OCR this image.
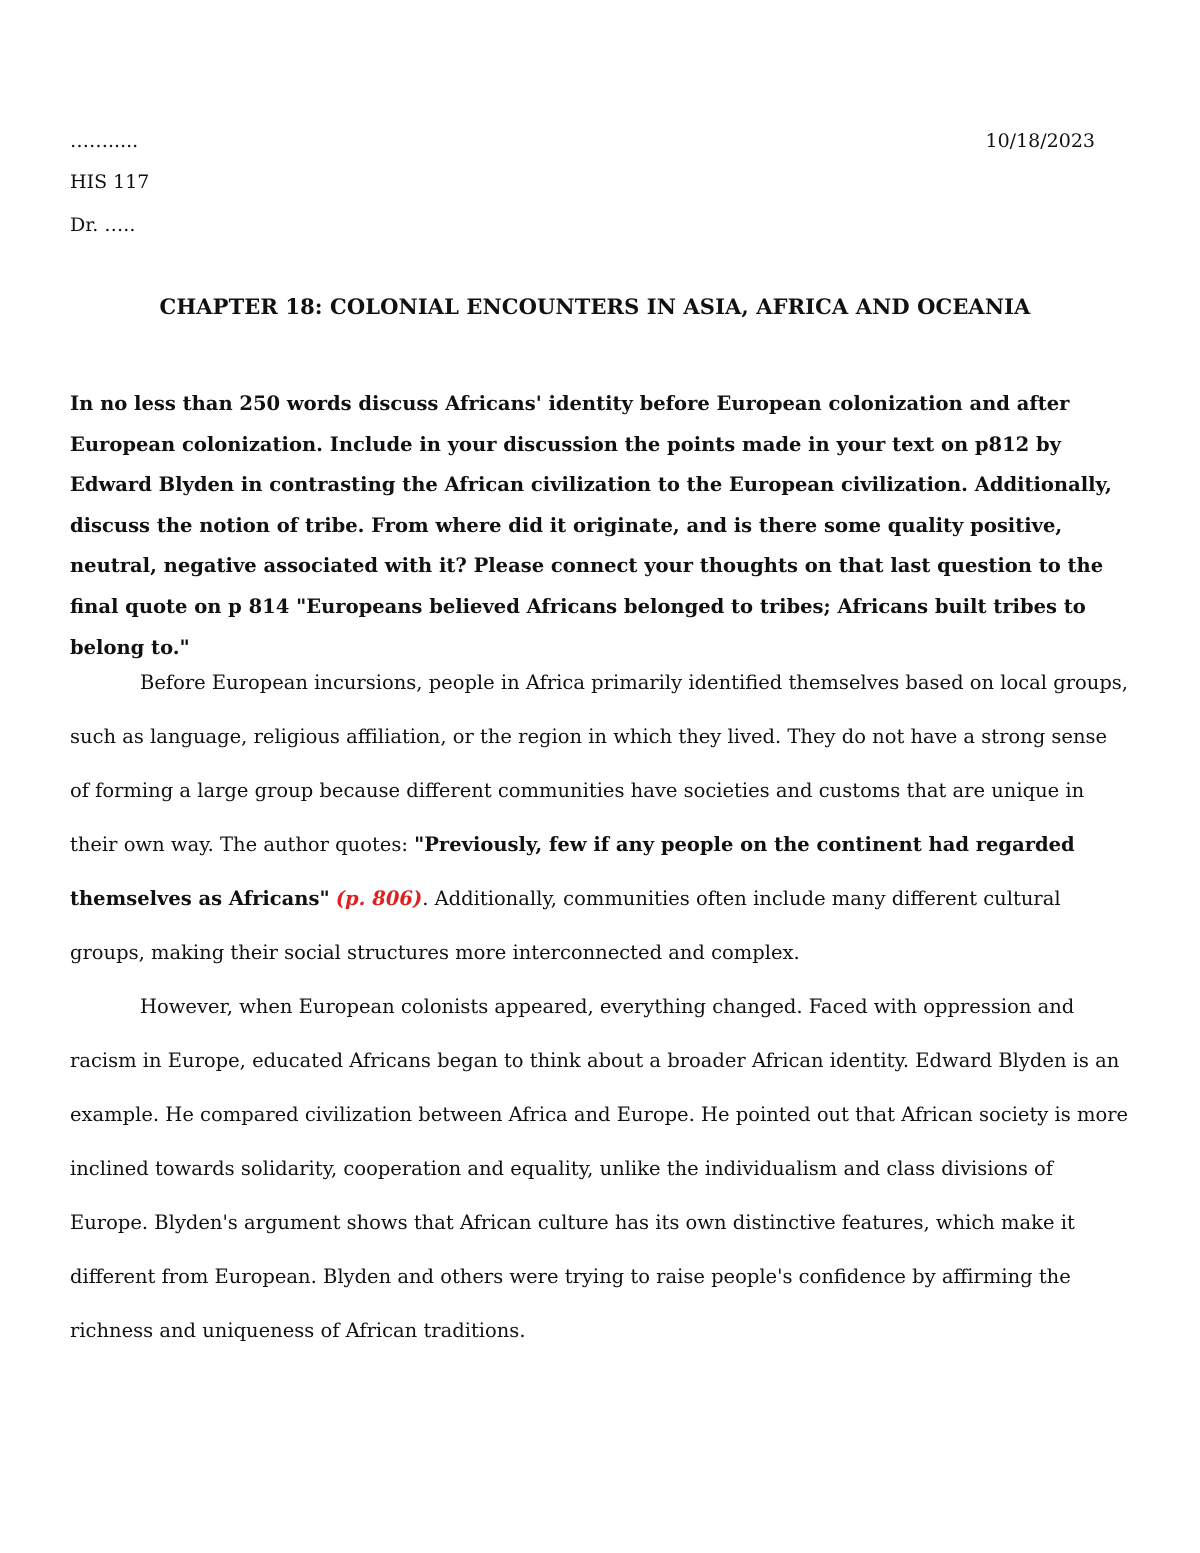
…….....	10/18/2023
HIS 117
Dr. …..
CHAPTER 18: COLONIAL ENCOUNTERS IN ASIA, AFRICA AND OCEANIA
In no less than 250 words discuss Africans' identity before European colonization and after European colonization. Include in your discussion the points made in your text on p812 by Edward Blyden in contrasting the African civilization to the European civilization. Additionally, discuss the notion of tribe. From where did it originate, and is there some quality positive, neutral, negative associated with it? Please connect your thoughts on that last question to the final quote on p 814 "Europeans believed Africans belonged to tribes; Africans built tribes to belong to."

Before European incursions, people in Africa primarily identified themselves based on local groups, such as language, religious affiliation, or the region in which they lived. They do not have a strong sense of forming a large group because different communities have societies and customs that are unique in their own way. The author quotes: "Previously, few if any people on the continent had regarded themselves as Africans" (p. 806). Additionally, communities often include many different cultural groups, making their social structures more interconnected and complex.

However, when European colonists appeared, everything changed. Faced with oppression and racism in Europe, educated Africans began to think about a broader African identity. Edward Blyden is an example. He compared civilization between Africa and Europe. He pointed out that African society is more inclined towards solidarity, cooperation and equality, unlike the individualism and class divisions of Europe. Blyden's argument shows that African culture has its own distinctive features, which make it different from European. Blyden and others were trying to raise people's confidence by affirming the richness and uniqueness of African traditions.
